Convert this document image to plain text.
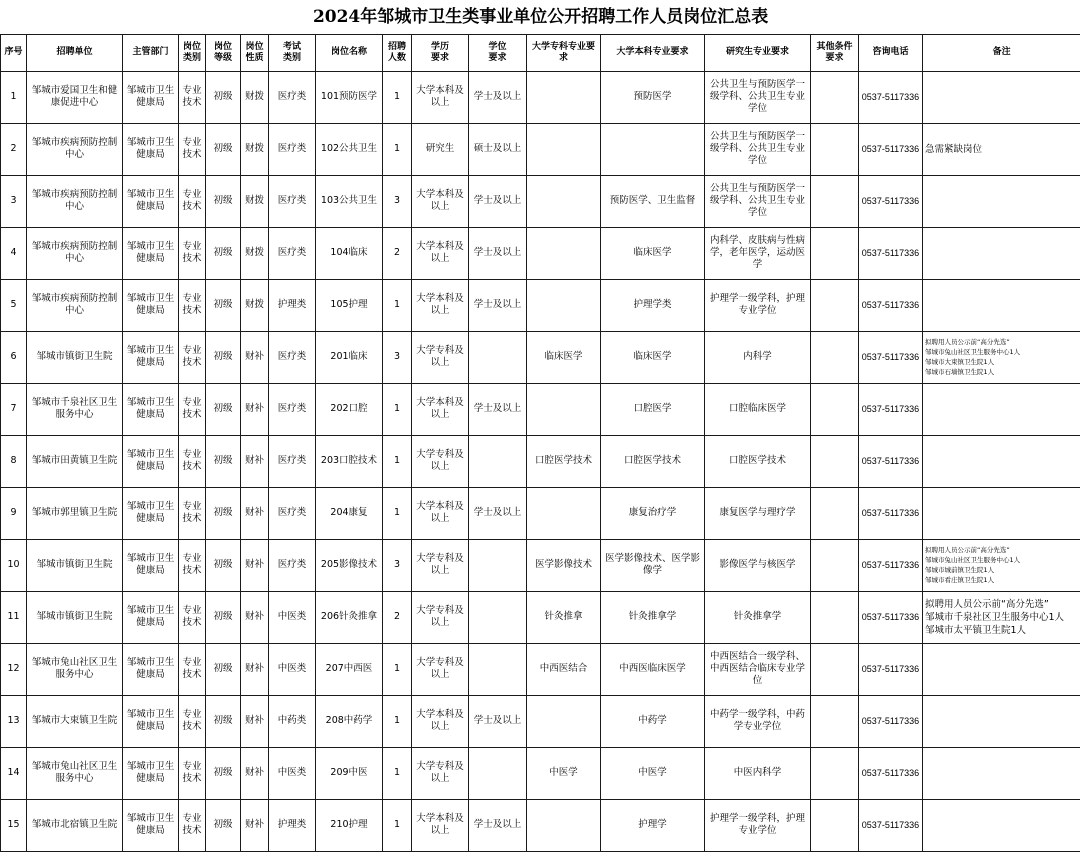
2024年邹城市卫生类事业单位公开招聘工作人员岗位汇总表																
序号	招聘单位	主管部门	岗位类别	岗位等级	岗位性质	考试类别	岗位名称	招聘人数	学历要求	学位要求	大学专科专业要求	大学本科专业要求	研究生专业要求	其他条件要求	咨询电话	备注
1	邹城市爱国卫生和健康促进中心	邹城市卫生健康局	专业技术	初级	财拨	医疗类	101预防医学	1	大学本科及以上	学士及以上		预防医学	公共卫生与预防医学一级学科、公共卫生专业学位		0537-5117336	
2	邹城市疾病预防控制中心	邹城市卫生健康局	专业技术	初级	财拨	医疗类	102公共卫生	1	研究生	硕士及以上			公共卫生与预防医学一级学科、公共卫生专业学位		0537-5117336	急需紧缺岗位

3	邹城市疾病预防控制中心	邹城市卫生健康局	专业技术	初级	财拨	医疗类	103公共卫生	3	大学本科及以上	学士及以上		预防医学、卫生监督	公共卫生与预防医学一级学科、公共卫生专业学位		0537-5117336	
4	邹城市疾病预防控制中心	邹城市卫生健康局	专业技术	初级	财拨	医疗类	104临床	2	大学本科及以上	学士及以上		临床医学	内科学、皮肤病与性病学，老年医学，运动医学		0537-5117336	
5	邹城市疾病预防控制中心	邹城市卫生健康局	专业技术	初级	财拨	护理类	105护理	1	大学本科及以上	学士及以上		护理学类	护理学一级学科，护理专业学位		0537-5117336	
6	邹城市镇街卫生院	邹城市卫生健康局	专业技术	初级	财补	医疗类	201临床	3	大学专科及以上		临床医学	临床医学	内科学		0537-5117336	拟聘用人员公示前“高分先选”
邹城市兔山社区卫生服务中心1人
邹城市大束镇卫生院1人
邹城市石墙镇卫生院1人

7	邹城市千泉社区卫生服务中心	邹城市卫生健康局	专业技术	初级	财补	医疗类	202口腔	1	大学本科及以上	学士及以上		口腔医学	口腔临床医学		0537-5117336	
8	邹城市田黄镇卫生院	邹城市卫生健康局	专业技术	初级	财补	医疗类	203口腔技术	1	大学专科及以上		口腔医学技术	口腔医学技术	口腔医学技术		0537-5117336	
9	邹城市郭里镇卫生院	邹城市卫生健康局	专业技术	初级	财补	医疗类	204康复	1	大学本科及以上	学士及以上		康复治疗学	康复医学与理疗学		0537-5117336	
10	邹城市镇街卫生院	邹城市卫生健康局	专业技术	初级	财补	医疗类	205影像技术	3	大学专科及以上		医学影像技术	医学影像技术、医学影像学	影像医学与核医学		0537-5117336	拟聘用人员公示前“高分先选”
邹城市兔山社区卫生服务中心1人
邹城市城前镇卫生院1人
邹城市看庄镇卫生院1人

11	邹城市镇街卫生院	邹城市卫生健康局	专业技术	初级	财补	中医类	206针灸推拿	2	大学专科及以上		针灸推拿	针灸推拿学	针灸推拿学		0537-5117336	拟聘用人员公示前“高分先选”
邹城市千泉社区卫生服务中心1人
邹城市太平镇卫生院1人

12	邹城市兔山社区卫生服务中心	邹城市卫生健康局	专业技术	初级	财补	中医类	207中西医	1	大学专科及以上		中西医结合	中西医临床医学	中西医结合一级学科、中西医结合临床专业学位		0537-5117336	
13	邹城市大束镇卫生院	邹城市卫生健康局	专业技术	初级	财补	中药类	208中药学	1	大学本科及以上	学士及以上		中药学	中药学一级学科，中药学专业学位		0537-5117336	
14	邹城市兔山社区卫生服务中心	邹城市卫生健康局	专业技术	初级	财补	中医类	209中医	1	大学专科及以上		中医学	中医学	中医内科学		0537-5117336	
15	邹城市北宿镇卫生院	邹城市卫生健康局	专业技术	初级	财补	护理类	210护理	1	大学本科及以上	学士及以上		护理学	护理学一级学科，护理专业学位		0537-5117336	
